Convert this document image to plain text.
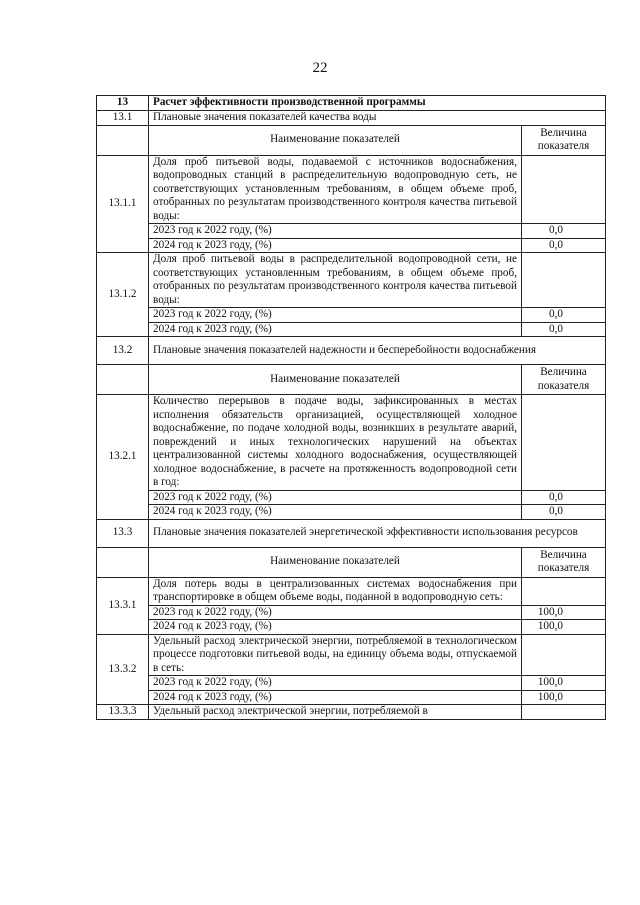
22
13	Расчет эффективности производственной программы	
13.1	Плановые значения показателей качества воды	
	Наименование показателей	Величина показателя
13.1.1	Доля проб питьевой воды, подаваемой с источников водоснабжения, водопроводных станций в распределительную водопроводную сеть, не соответствующих установленным требованиям, в общем объеме проб, отобранных по результатам производственного контроля качества питьевой воды:	
	2023 год к 2022 году, (%)	0,0
	2024 год к 2023 году, (%)	0,0
13.1.2	Доля проб питьевой воды в распределительной водопроводной сети, не соответствующих установленным требованиям, в общем объеме проб, отобранных по результатам производственного контроля качества питьевой воды:	
	2023 год к 2022 году, (%)	0,0
	2024 год к 2023 году, (%)	0,0
13.2	Плановые значения показателей надежности и бесперебойности водоснабжения	
	Наименование показателей	Величина показателя
13.2.1	Количество перерывов в подаче воды, зафиксированных в местах исполнения обязательств организацией, осуществляющей холодное водоснабжение, по подаче холодной воды, возникших в результате аварий, повреждений и иных технологических нарушений на объектах централизованной системы холодного водоснабжения, осуществляющей холодное водоснабжение, в расчете на протяженность водопроводной сети в год:	
	2023 год к 2022 году, (%)	0,0
	2024 год к 2023 году, (%)	0,0
13.3	Плановые значения показателей энергетической эффективности использования ресурсов	
	Наименование показателей	Величина показателя
13.3.1	Доля потерь воды в централизованных системах водоснабжения при транспортировке в общем объеме воды, поданной в водопроводную сеть:	
	2023 год к 2022 году, (%)	100,0
	2024 год к 2023 году, (%)	100,0
13.3.2	Удельный расход электрической энергии, потребляемой в технологическом процессе подготовки питьевой воды, на единицу объема воды, отпускаемой в сеть:	
	2023 год к 2022 году, (%)	100,0
	2024 год к 2023 году, (%)	100,0
13.3.3	Удельный расход электрической энергии, потребляемой в	
